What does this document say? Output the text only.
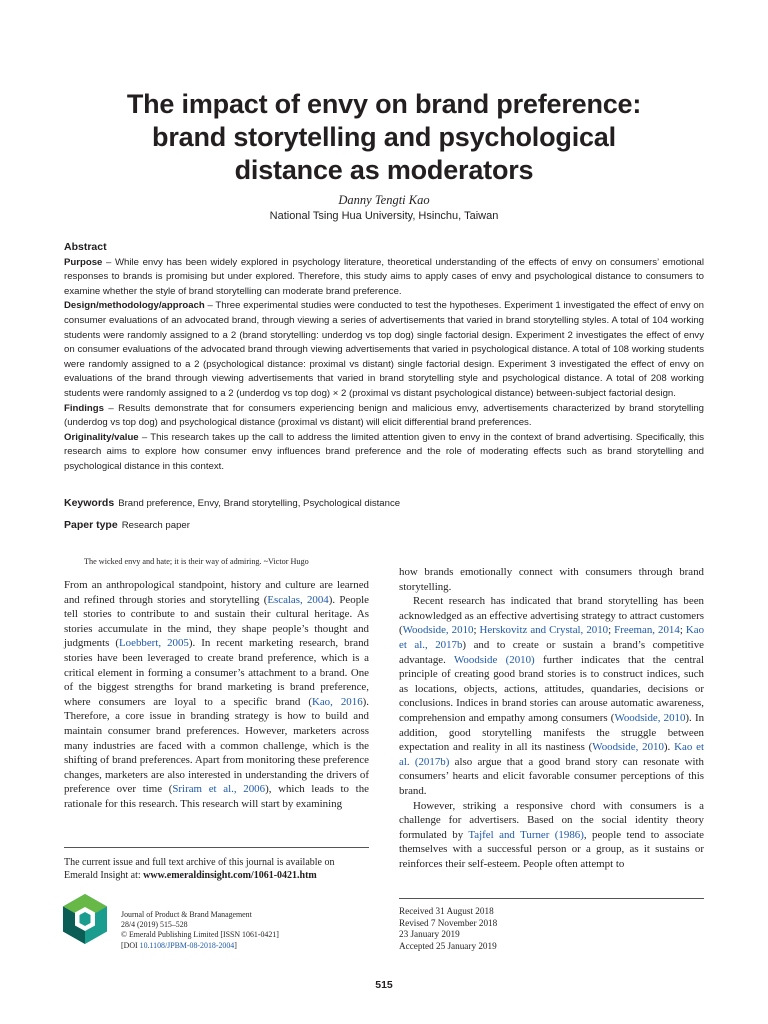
The impact of envy on brand preference:
brand storytelling and psychological
distance as moderators
Danny Tengti Kao
National Tsing Hua University, Hsinchu, Taiwan
Abstract

Purpose – While envy has been widely explored in psychology literature, theoretical understanding of the effects of envy on consumers’ emotional responses to brands is promising but under explored. Therefore, this study aims to apply cases of envy and psychological distance to consumers to examine whether the style of brand storytelling can moderate brand preference.

Design/methodology/approach – Three experimental studies were conducted to test the hypotheses. Experiment 1 investigated the effect of envy on consumer evaluations of an advocated brand, through viewing a series of advertisements that varied in brand storytelling styles. A total of 104 working students were randomly assigned to a 2 (brand storytelling: underdog vs top dog) single factorial design. Experiment 2 investigates the effect of envy on consumer evaluations of the advocated brand through viewing advertisements that varied in psychological distance. A total of 108 working students were randomly assigned to a 2 (psychological distance: proximal vs distant) single factorial design. Experiment 3 investigated the effect of envy on evaluations of the brand through viewing advertisements that varied in brand storytelling style and psychological distance. A total of 208 working students were randomly assigned to a 2 (underdog vs top dog) × 2 (proximal vs distant psychological distance) between-subject factorial design.

Findings – Results demonstrate that for consumers experiencing benign and malicious envy, advertisements characterized by brand storytelling (underdog vs top dog) and psychological distance (proximal vs distant) will elicit differential brand preferences.

Originality/value – This research takes up the call to address the limited attention given to envy in the context of brand advertising. Specifically, this research aims to explore how consumer envy influences brand preference and the role of moderating effects such as brand storytelling and psychological distance in this context.

Keywords Brand preference, Envy, Brand storytelling, Psychological distance
Paper type Research paper
The wicked envy and hate; it is their way of admiring. ~Victor Hugo

From an anthropological standpoint, history and culture are learned and refined through stories and storytelling (Escalas, 2004). People tell stories to contribute to and sustain their cultural heritage. As stories accumulate in the mind, they shape people’s thought and judgments (Loebbert, 2005). In recent marketing research, brand stories have been leveraged to create brand preference, which is a critical element in forming a consumer’s attachment to a brand. One of the biggest strengths for brand marketing is brand preference, where consumers are loyal to a specific brand (Kao, 2016). Therefore, a core issue in branding strategy is how to build and maintain consumer brand preferences. However, marketers across many industries are faced with a common challenge, which is the shifting of brand preferences. Apart from monitoring these preference changes, marketers are also interested in understanding the drivers of preference over time (Sriram et al., 2006), which leads to the rationale for this research. This research will start by examining

how brands emotionally connect with consumers through brand storytelling.

Recent research has indicated that brand storytelling has been acknowledged as an effective advertising strategy to attract customers (Woodside, 2010; Herskovitz and Crystal, 2010; Freeman, 2014; Kao et al., 2017b) and to create or sustain a brand’s competitive advantage. Woodside (2010) further indicates that the central principle of creating good brand stories is to construct indices, such as locations, objects, actions, attitudes, quandaries, decisions or conclusions. Indices in brand stories can arouse automatic awareness, comprehension and empathy among consumers (Woodside, 2010). In addition, good storytelling manifests the struggle between expectation and reality in all its nastiness (Woodside, 2010). Kao et al. (2017b) also argue that a good brand story can resonate with consumers’ hearts and elicit favorable consumer perceptions of this brand.

However, striking a responsive chord with consumers is a challenge for advertisers. Based on the social identity theory formulated by Tajfel and Turner (1986), people tend to associate themselves with a successful person or a group, as it sustains or reinforces their self-esteem. People often attempt to

The current issue and full text archive of this journal is available on Emerald Insight at: www.emeraldinsight.com/1061-0421.htm
Journal of Product & Brand Management
28/4 (2019) 515–528
© Emerald Publishing Limited [ISSN 1061-0421]
[DOI 10.1108/JPBM-08-2018-2004]
Received 31 August 2018
Revised 7 November 2018
23 January 2019
Accepted 25 January 2019
515
